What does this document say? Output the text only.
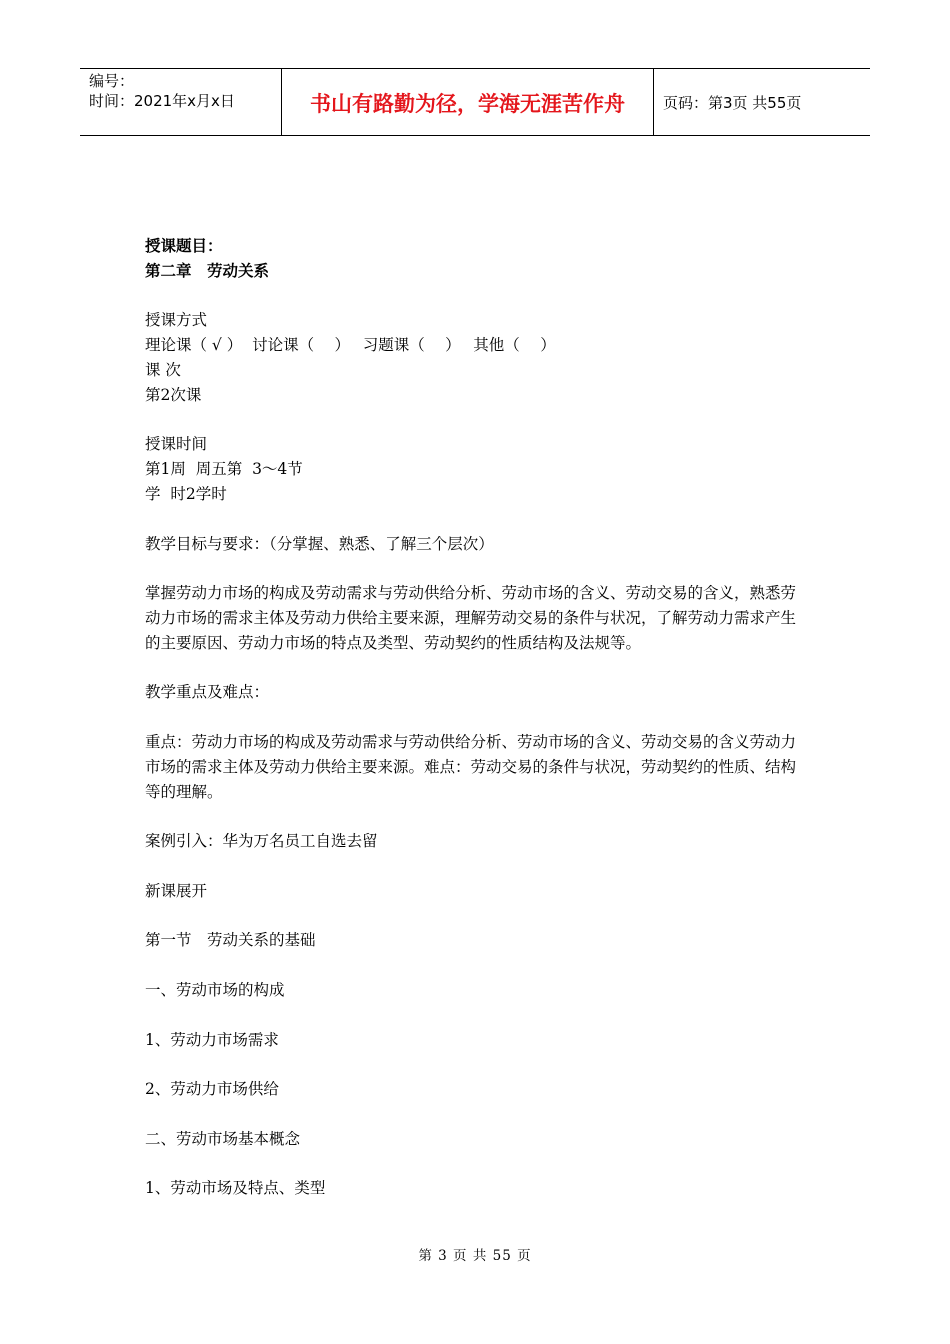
编号：
时间：2021年x月x日	书山有路勤为径，学海无涯苦作舟	页码：第3页 共55页

授课题目：

第二章　劳动关系

授课方式

理论课（ √ ）  讨论课（　 ）　 习题课（　 ）　 其他（　 ）

课 次

第2次课

授课时间

第1周  周五第  3～4节

学  时2学时

教学目标与要求：（分掌握、熟悉、了解三个层次）

掌握劳动力市场的构成及劳动需求与劳动供给分析、劳动市场的含义、劳动交易的含义，熟悉劳动力市场的需求主体及劳动力供给主要来源，理解劳动交易的条件与状况，了解劳动力需求产生的主要原因、劳动力市场的特点及类型、劳动契约的性质结构及法规等。

教学重点及难点：

重点：劳动力市场的构成及劳动需求与劳动供给分析、劳动市场的含义、劳动交易的含义劳动力市场的需求主体及劳动力供给主要来源。难点：劳动交易的条件与状况，劳动契约的性质、结构等的理解。

案例引入：华为万名员工自选去留

新课展开

第一节　劳动关系的基础

一、劳动市场的构成

1、劳动力市场需求

2、劳动力市场供给

二、劳动市场基本概念

1、劳动市场及特点、类型

第 3 页 共 55 页
